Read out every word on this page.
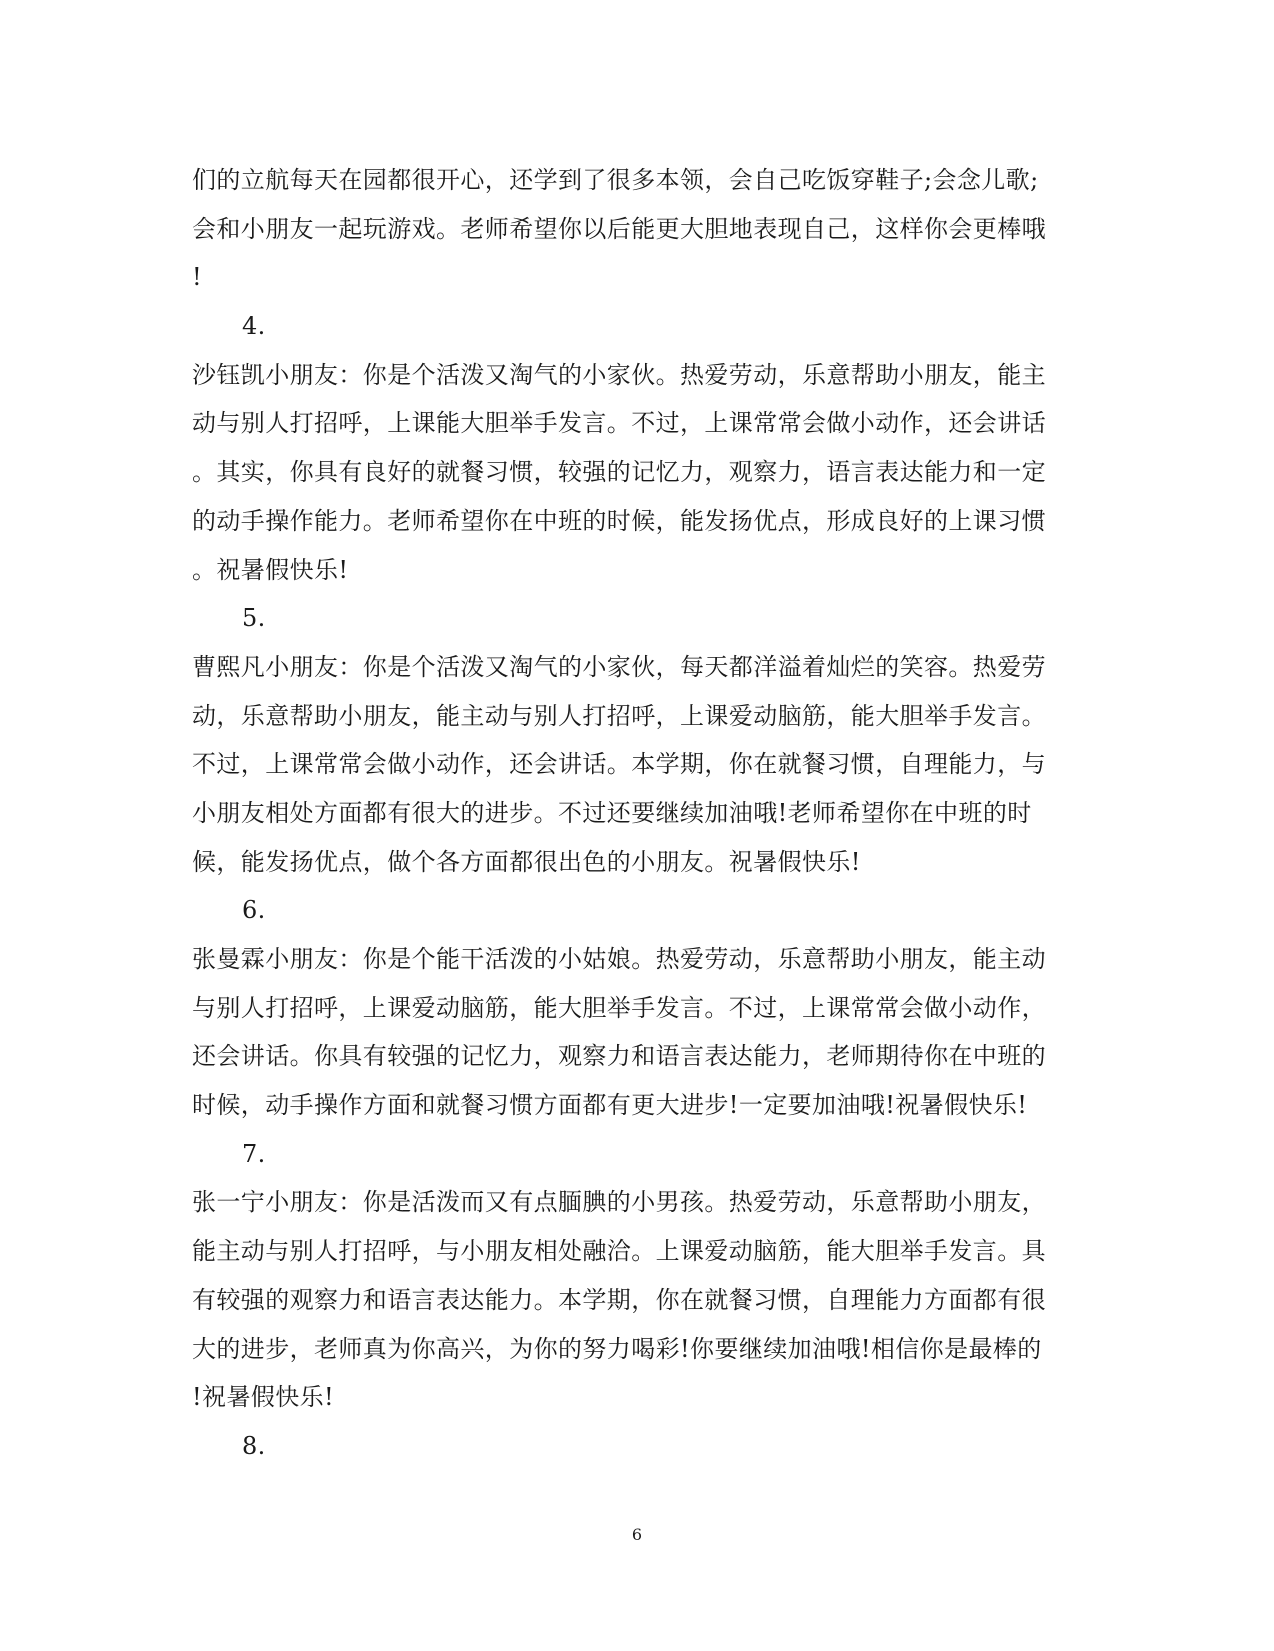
们的立航每天在园都很开心，还学到了很多本领，会自己吃饭穿鞋子;会念儿歌;
会和小朋友一起玩游戏。老师希望你以后能更大胆地表现自己，这样你会更棒哦
!
4.
沙钰凯小朋友：你是个活泼又淘气的小家伙。热爱劳动，乐意帮助小朋友，能主
动与别人打招呼，上课能大胆举手发言。不过，上课常常会做小动作，还会讲话
。其实，你具有良好的就餐习惯，较强的记忆力，观察力，语言表达能力和一定
的动手操作能力。老师希望你在中班的时候，能发扬优点，形成良好的上课习惯
。祝暑假快乐!
5.
曹熙凡小朋友：你是个活泼又淘气的小家伙，每天都洋溢着灿烂的笑容。热爱劳
动，乐意帮助小朋友，能主动与别人打招呼，上课爱动脑筋，能大胆举手发言。
不过，上课常常会做小动作，还会讲话。本学期，你在就餐习惯，自理能力，与
小朋友相处方面都有很大的进步。不过还要继续加油哦!老师希望你在中班的时
候，能发扬优点，做个各方面都很出色的小朋友。祝暑假快乐!
6.
张曼霖小朋友：你是个能干活泼的小姑娘。热爱劳动，乐意帮助小朋友，能主动
与别人打招呼，上课爱动脑筋，能大胆举手发言。不过，上课常常会做小动作，
还会讲话。你具有较强的记忆力，观察力和语言表达能力，老师期待你在中班的
时候，动手操作方面和就餐习惯方面都有更大进步!一定要加油哦!祝暑假快乐!
7.
张一宁小朋友：你是活泼而又有点腼腆的小男孩。热爱劳动，乐意帮助小朋友，
能主动与别人打招呼，与小朋友相处融洽。上课爱动脑筋，能大胆举手发言。具
有较强的观察力和语言表达能力。本学期，你在就餐习惯，自理能力方面都有很
大的进步，老师真为你高兴，为你的努力喝彩!你要继续加油哦!相信你是最棒的
!祝暑假快乐!
8.
6
